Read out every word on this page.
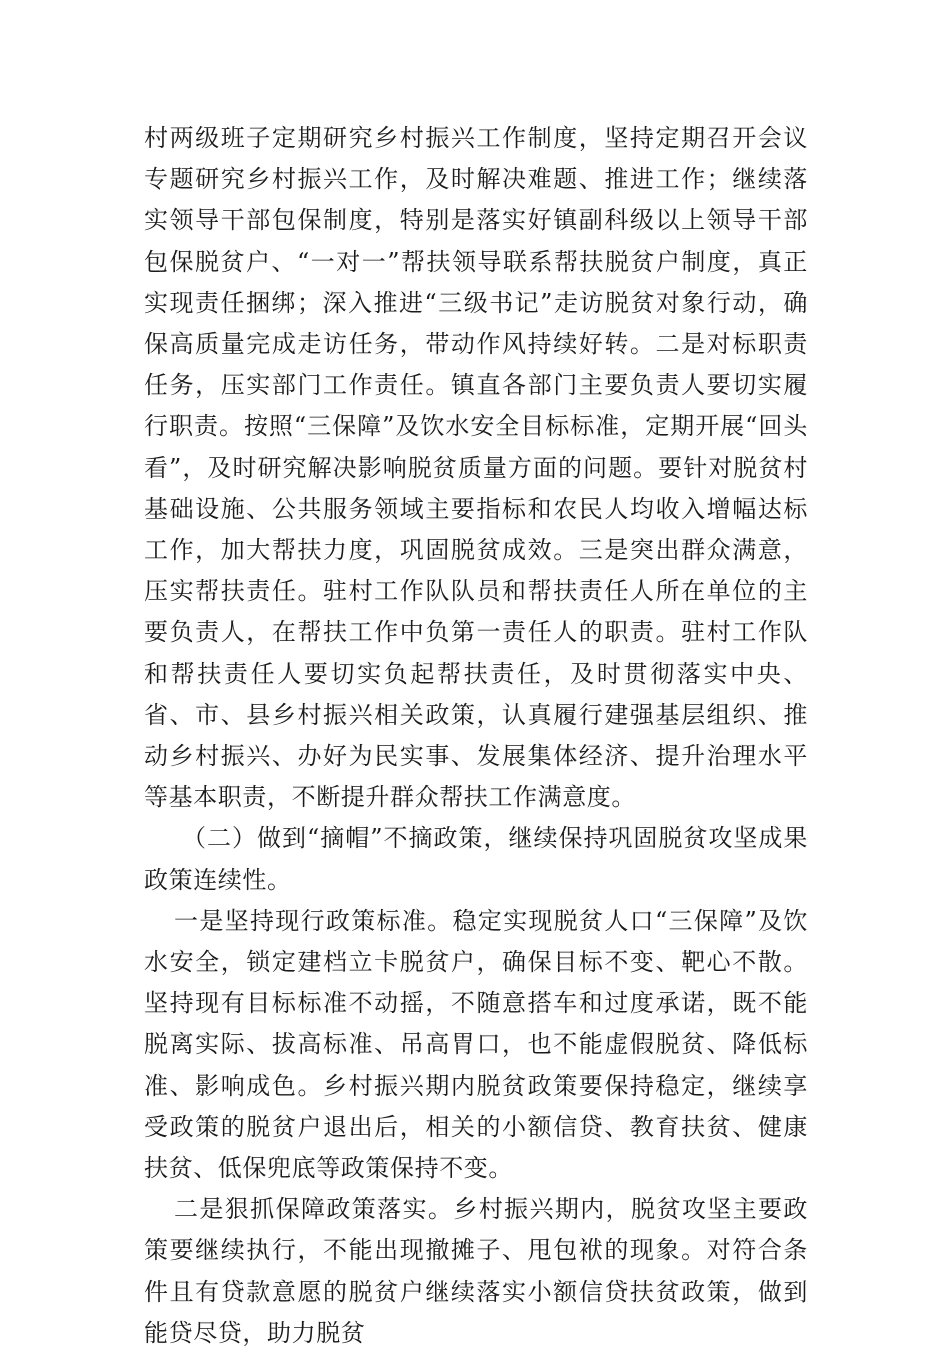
村两级班子定期研究乡村振兴工作制度，坚持定期召开会议专题研究乡村振兴工作，及时解决难题、推进工作；继续落实领导干部包保制度，特别是落实好镇副科级以上领导干部包保脱贫户、“一对一”帮扶领导联系帮扶脱贫户制度，真正实现责任捆绑；深入推进“三级书记”走访脱贫对象行动，确保高质量完成走访任务，带动作风持续好转。二是对标职责任务，压实部门工作责任。镇直各部门主要负责人要切实履行职责。按照“三保障”及饮水安全目标标准，定期开展“回头看”，及时研究解决影响脱贫质量方面的问题。要针对脱贫村基础设施、公共服务领域主要指标和农民人均收入增幅达标工作，加大帮扶力度，巩固脱贫成效。三是突出群众满意，压实帮扶责任。驻村工作队队员和帮扶责任人所在单位的主要负责人，在帮扶工作中负第一责任人的职责。驻村工作队和帮扶责任人要切实负起帮扶责任，及时贯彻落实中央、省、市、县乡村振兴相关政策，认真履行建强基层组织、推动乡村振兴、办好为民实事、发展集体经济、提升治理水平等基本职责，不断提升群众帮扶工作满意度。

（二）做到“摘帽”不摘政策，继续保持巩固脱贫攻坚成果政策连续性。

一是坚持现行政策标准。稳定实现脱贫人口“三保障”及饮水安全，锁定建档立卡脱贫户，确保目标不变、靶心不散。坚持现有目标标准不动摇，不随意搭车和过度承诺，既不能脱离实际、拔高标准、吊高胃口，也不能虚假脱贫、降低标准、影响成色。乡村振兴期内脱贫政策要保持稳定，继续享受政策的脱贫户退出后，相关的小额信贷、教育扶贫、健康扶贫、低保兜底等政策保持不变。

二是狠抓保障政策落实。乡村振兴期内，脱贫攻坚主要政策要继续执行，不能出现撤摊子、甩包袱的现象。对符合条件且有贷款意愿的脱贫户继续落实小额信贷扶贫政策，做到能贷尽贷，助力脱贫
